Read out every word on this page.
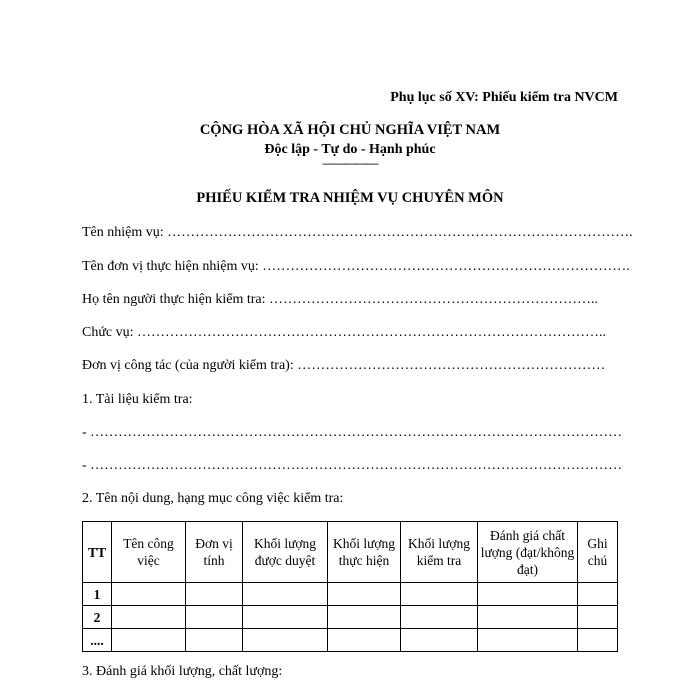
Phụ lục số XV: Phiếu kiểm tra NVCM
CỘNG HÒA XÃ HỘI CHỦ NGHĨA VIỆT NAM
Độc lập - Tự do - Hạnh phúc
—————
PHIẾU KIỂM TRA NHIỆM VỤ CHUYÊN MÔN
Tên nhiệm vụ: ……………………………………………………………………………………….
Tên đơn vị thực hiện nhiệm vụ: …………………………………………………………………….
Họ tên người thực hiện kiểm tra: ……………………………………………………………..
Chức vụ: ………………………………………………………………………………………..
Đơn vị công tác (của người kiểm tra): …………………………………………………………
1. Tài liệu kiểm tra:
- ……………………………………………………………………………………………………
- ……………………………………………………………………………………………………
2. Tên nội dung, hạng mục công việc kiểm tra:
TT	Tên công việc	Đơn vị tính	Khối lượng được duyệt	Khối lượng thực hiện	Khối lượng kiểm tra	Đánh giá chất lượng (đạt/không đạt)	Ghi chú
1							
2							
....							
3. Đánh giá khối lượng, chất lượng:
